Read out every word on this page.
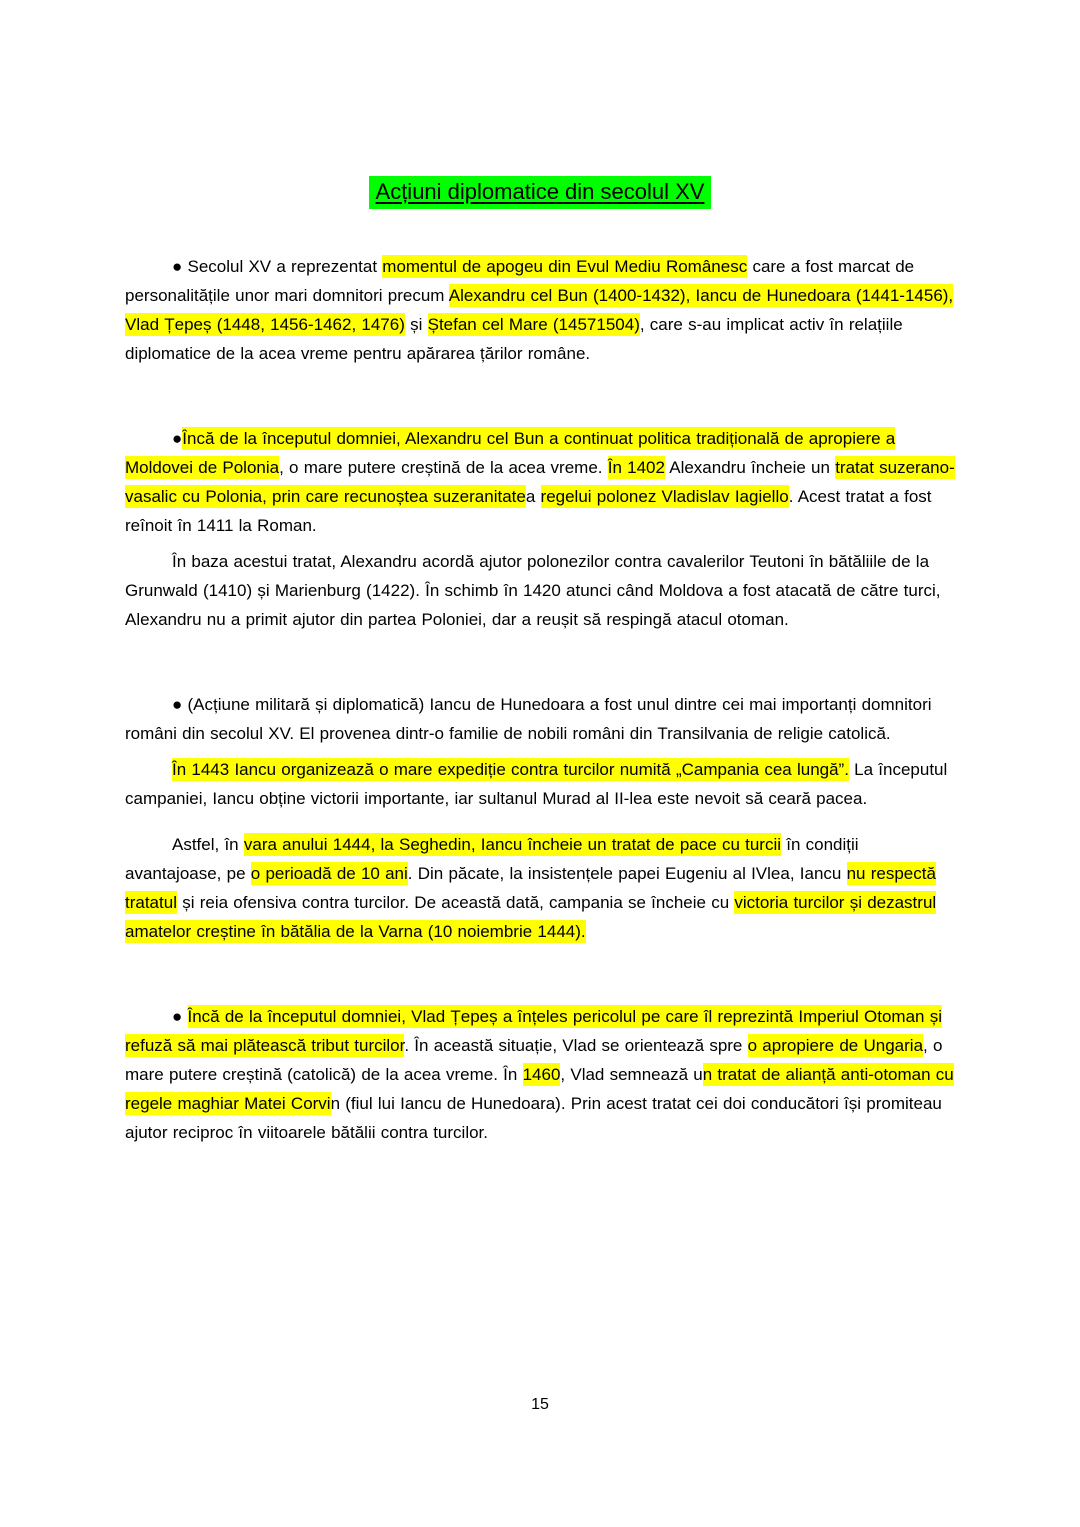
Acțiuni diplomatice din secolul XV

● Secolul XV a reprezentat momentul de apogeu din Evul Mediu Românesc care a fost marcat de personalitățile unor mari domnitori precum Alexandru cel Bun (1400-1432), Iancu de Hunedoara (1441-1456), Vlad Țepeș (1448, 1456-1462, 1476) și Ștefan cel Mare (14571504), care s-au implicat activ în relațiile diplomatice de la acea vreme pentru apărarea țărilor române.

●Încă de la începutul domniei, Alexandru cel Bun a continuat politica tradițională de apropiere a Moldovei de Polonia, o mare putere creștină de la acea vreme. În 1402 Alexandru încheie un tratat suzerano-vasalic cu Polonia, prin care recunoștea suzeranitatea regelui polonez Vladislav Iagiello. Acest tratat a fost reînoit în 1411 la Roman.

În baza acestui tratat, Alexandru acordă ajutor polonezilor contra cavalerilor Teutoni în bătăliile de la Grunwald (1410) și Marienburg (1422). În schimb în 1420 atunci când Moldova a fost atacată de către turci, Alexandru nu a primit ajutor din partea Poloniei, dar a reușit să respingă atacul otoman.

● (Acțiune militară și diplomatică) Iancu de Hunedoara a fost unul dintre cei mai importanți domnitori români din secolul XV. El provenea dintr-o familie de nobili români din Transilvania de religie catolică.

În 1443 Iancu organizează o mare expediție contra turcilor numită „Campania cea lungă”. La începutul campaniei, Iancu obține victorii importante, iar sultanul Murad al II-lea este nevoit să ceară pacea.

Astfel, în vara anului 1444, la Seghedin, Iancu încheie un tratat de pace cu turcii în condiții avantajoase, pe o perioadă de 10 ani. Din păcate, la insistențele papei Eugeniu al IVlea, Iancu nu respectă tratatul și reia ofensiva contra turcilor. De această dată, campania se încheie cu victoria turcilor și dezastrul amatelor creștine în bătălia de la Varna (10 noiembrie 1444).

● Încă de la începutul domniei, Vlad Țepeș a înțeles pericolul pe care îl reprezintă Imperiul Otoman și refuză să mai plătească tribut turcilor. În această situație, Vlad se orientează spre o apropiere de Ungaria, o mare putere creștină (catolică) de la acea vreme. În 1460, Vlad semnează un tratat de alianță anti-otoman cu regele maghiar Matei Corvin (fiul lui Iancu de Hunedoara). Prin acest tratat cei doi conducători își promiteau ajutor reciproc în viitoarele bătălii contra turcilor.

15
